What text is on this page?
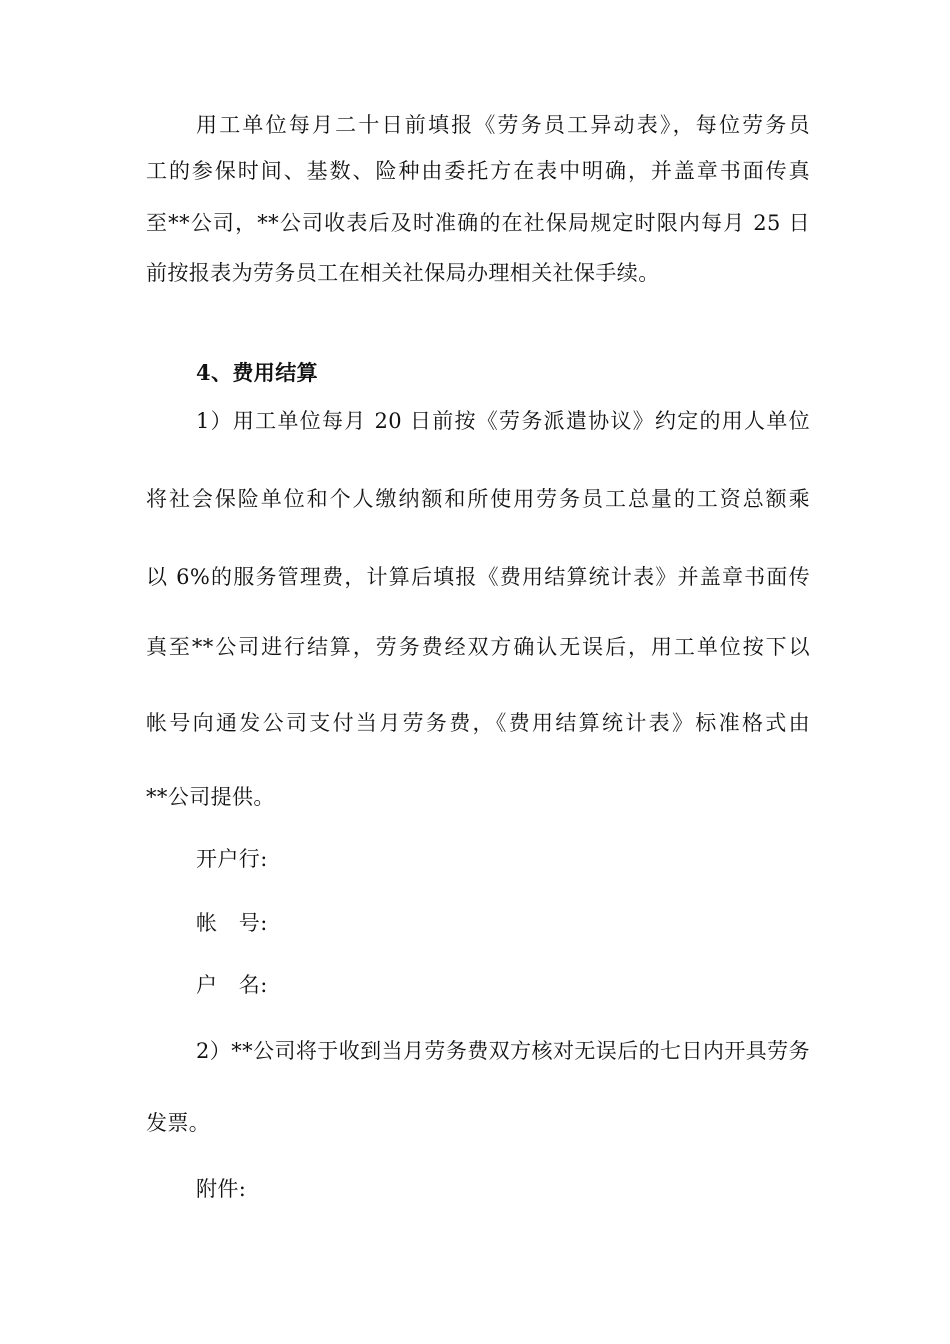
用工单位每月二十日前填报《劳务员工异动表》，每位劳务员
工的参保时间、基数、险种由委托方在表中明确，并盖章书面传真
至**公司，**公司收表后及时准确的在社保局规定时限内每月 25 日
前按报表为劳务员工在相关社保局办理相关社保手续。
4、费用结算
1）用工单位每月 20 日前按《劳务派遣协议》约定的用人单位
将社会保险单位和个人缴纳额和所使用劳务员工总量的工资总额乘
以 6%的服务管理费，计算后填报《费用结算统计表》并盖章书面传
真至**公司进行结算，劳务费经双方确认无误后，用工单位按下以
帐号向通发公司支付当月劳务费，《费用结算统计表》标准格式由
**公司提供。
开户行:
帐　号:
户　名:
2）**公司将于收到当月劳务费双方核对无误后的七日内开具劳务
发票。
附件:
